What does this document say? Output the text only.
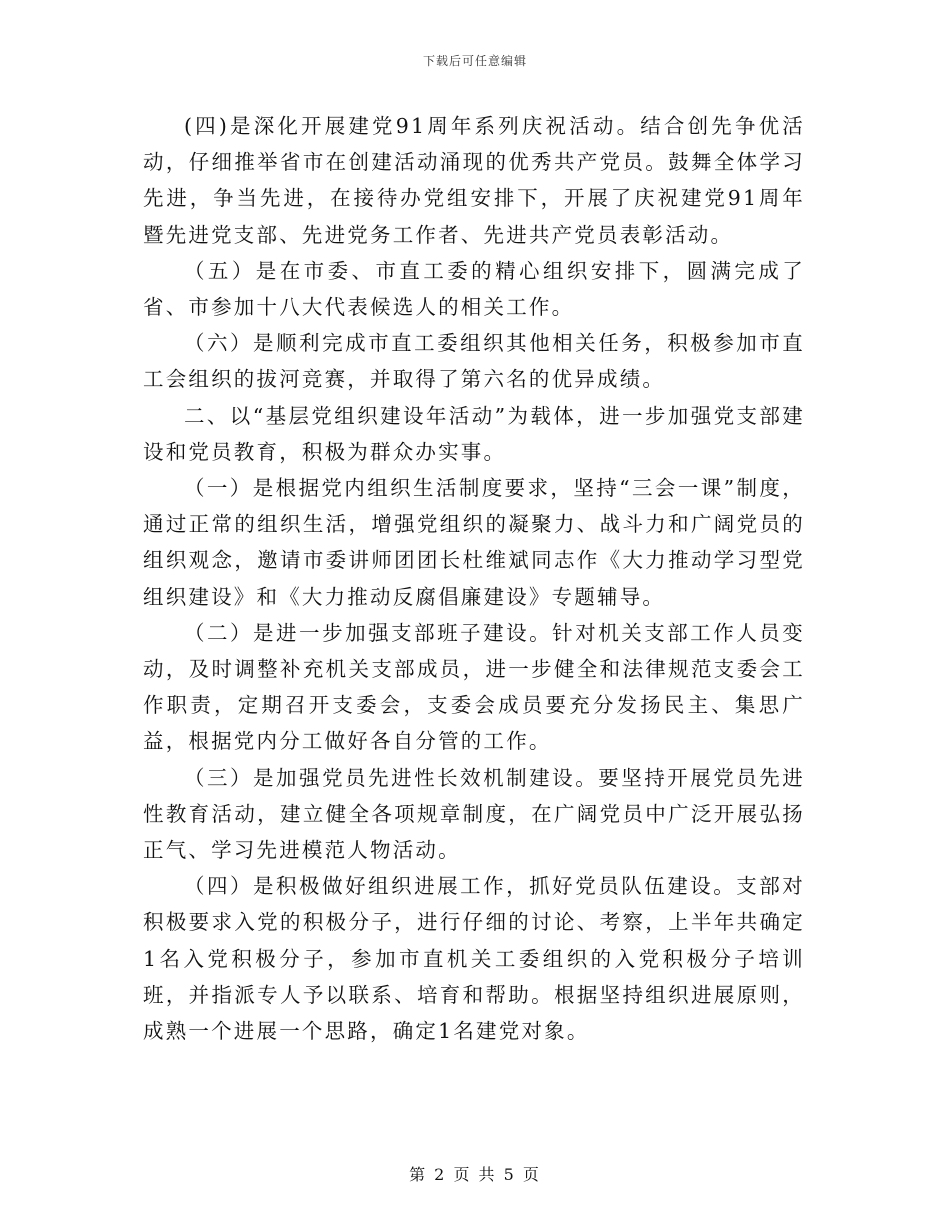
下载后可任意编辑

(四)是深化开展建党91周年系列庆祝活动。结合创先争优活动，仔细推举省市在创建活动涌现的优秀共产党员。鼓舞全体学习先进，争当先进，在接待办党组安排下，开展了庆祝建党91周年暨先进党支部、先进党务工作者、先进共产党员表彰活动。

（五）是在市委、市直工委的精心组织安排下，圆满完成了省、市参加十八大代表候选人的相关工作。

（六）是顺利完成市直工委组织其他相关任务，积极参加市直工会组织的拔河竞赛，并取得了第六名的优异成绩。

二、以“基层党组织建设年活动”为载体，进一步加强党支部建设和党员教育，积极为群众办实事。

（一）是根据党内组织生活制度要求，坚持“三会一课”制度，通过正常的组织生活，增强党组织的凝聚力、战斗力和广阔党员的组织观念，邀请市委讲师团团长杜维斌同志作《大力推动学习型党组织建设》和《大力推动反腐倡廉建设》专题辅导。

（二）是进一步加强支部班子建设。针对机关支部工作人员变动，及时调整补充机关支部成员，进一步健全和法律规范支委会工作职责，定期召开支委会，支委会成员要充分发扬民主、集思广益，根据党内分工做好各自分管的工作。

（三）是加强党员先进性长效机制建设。要坚持开展党员先进性教育活动，建立健全各项规章制度，在广阔党员中广泛开展弘扬正气、学习先进模范人物活动。

（四）是积极做好组织进展工作，抓好党员队伍建设。支部对积极要求入党的积极分子，进行仔细的讨论、考察，上半年共确定1名入党积极分子，参加市直机关工委组织的入党积极分子培训班，并指派专人予以联系、培育和帮助。根据坚持组织进展原则，成熟一个进展一个思路，确定1名建党对象。

第 2 页 共 5 页
